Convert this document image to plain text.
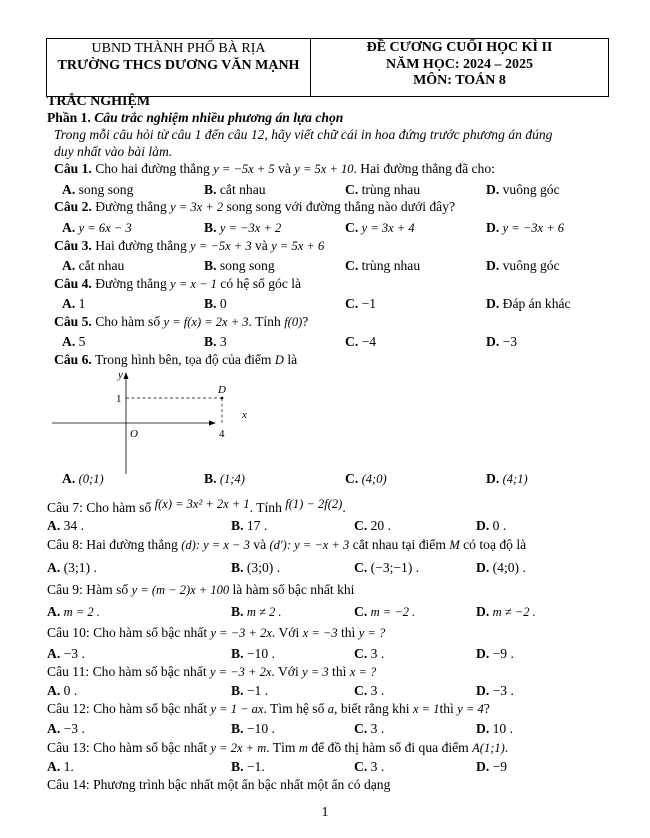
UBND THÀNH PHỐ BÀ RỊA
TRƯỜNG THCS DƯƠNG VĂN MẠNH
ĐỀ CƯƠNG CUỐI HỌC KÌ II
NĂM HỌC: 2024 – 2025
MÔN: TOÁN 8
TRẮC NGHIỆM
Phần 1. Câu trắc nghiệm nhiều phương án lựa chọn
Trong mỗi câu hỏi từ câu 1 đến câu 12, hãy viết chữ cái in hoa đứng trước phương án đúng
duy nhất vào bài làm.
Câu 1. Cho hai đường thẳng y = −5x + 5 và y = 5x + 10. Hai đường thẳng đã cho:
A. song song	B. cắt nhau	C. trùng nhau	D. vuông góc
Câu 2. Đường thẳng y = 3x + 2 song song với đường thẳng nào dưới đây?
A. y = 6x − 3	B. y = −3x + 2	C. y = 3x + 4	D. y = −3x + 6
Câu 3. Hai đường thẳng y = −5x + 3 và y = 5x + 6
A. cắt nhau	B. song song	C. trùng nhau	D. vuông góc
Câu 4. Đường thẳng y = x − 1 có hệ số góc là
A. 1	B. 0	C. −1	D. Đáp án khác
Câu 5. Cho hàm số y = f(x) = 2x + 3. Tính f(0)?
A. 5	B. 3	C. −4	D. −3
Câu 6. Trong hình bên, tọa độ của điểm D là
y
x
1
O	4
D
A. (0;1)	B. (1;4)	C. (4;0)	D. (4;1)
Câu 7: Cho hàm số f(x) = 3x² + 2x + 1. Tính f(1) − 2f(2).
A. 34 .	B. 17 .	C. 20 .	D. 0 .
Câu 8: Hai đường thẳng (d): y = x − 3 và (d′): y = −x + 3 cắt nhau tại điểm M có toạ độ là
A. (3;1) .	B. (3;0) .	C. (−3;−1) .	D. (4;0) .
Câu 9: Hàm số y = (m − 2)x + 100 là hàm số bậc nhất khi
A. m = 2 .	B. m ≠ 2 .	C. m = −2 .	D. m ≠ −2 .
Câu 10: Cho hàm số bậc nhất y = −3 + 2x. Với x = −3 thì y = ?
A. −3 .	B. −10 .	C. 3 .	D. −9 .
Câu 11: Cho hàm số bậc nhất y = −3 + 2x. Với y = 3 thì x = ?
A. 0 .	B. −1 .	C. 3 .	D. −3 .
Câu 12: Cho hàm số bậc nhất y = 1 − ax. Tìm hệ số a, biết rằng khi x = 1thì y = 4?
A. −3 .	B. −10 .	C. 3 .	D. 10 .
Câu 13: Cho hàm số bậc nhất y = 2x + m. Tìm m để đồ thị hàm số đi qua điểm A(1;1).
A. 1.	B. −1.	C. 3 .	D. −9
Câu 14: Phương trình bậc nhất một ẩn bậc nhất một ẩn có dạng
1
